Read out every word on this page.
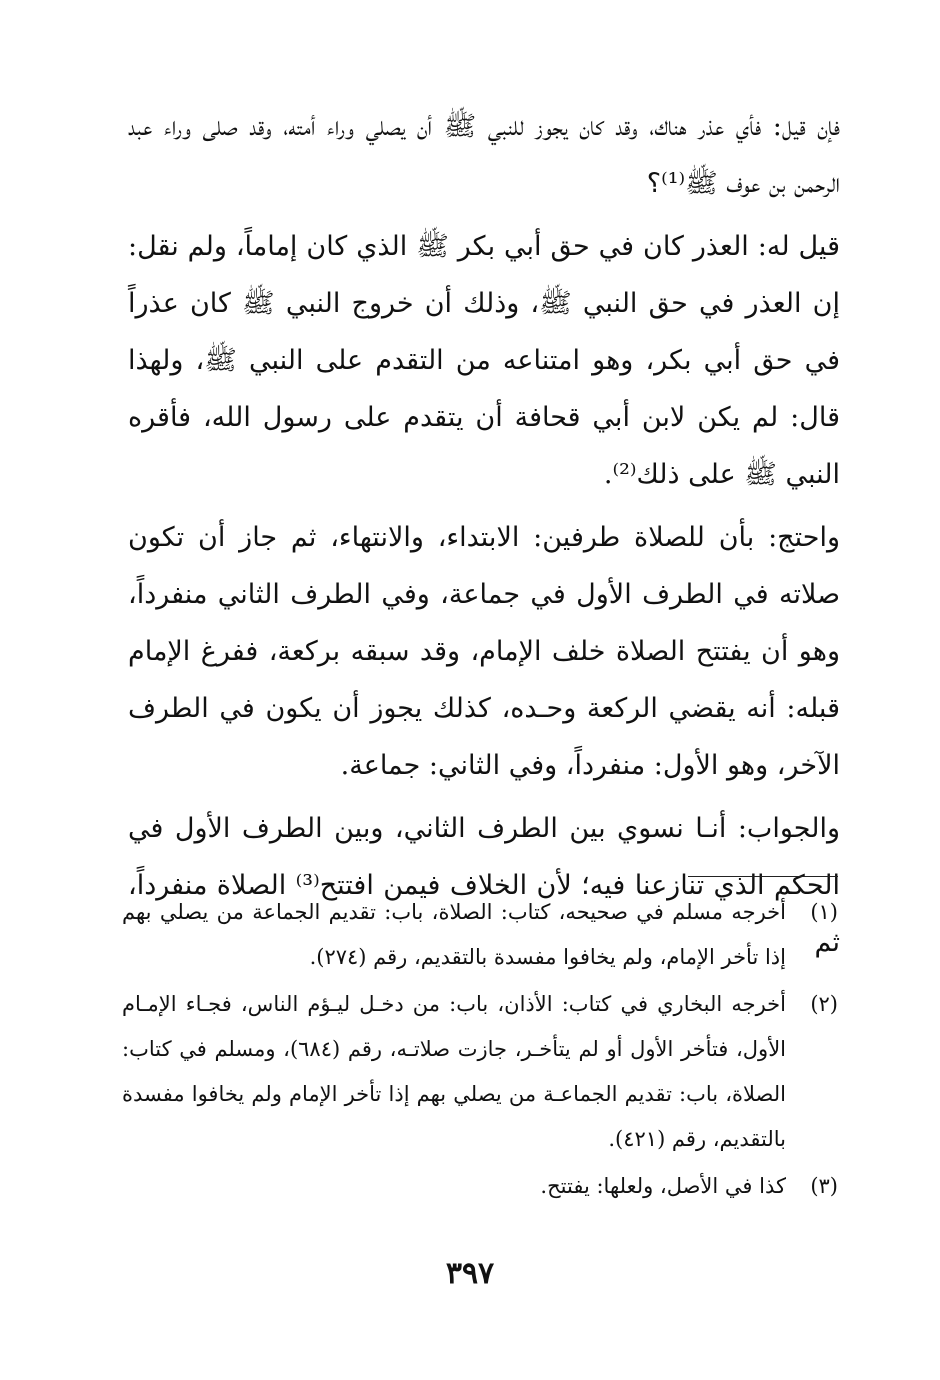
فإن قيل: فأي عذر هناك، وقد كان يجوز للنبي ﷺ أن يصلي وراء أمته، وقد صلى وراء عبد الرحمن بن عوف ﷺ⁽¹⁾؟

قيل له: العذر كان في حق أبي بكر ﷺ الذي كان إماماً، ولم نقل: إن العذر في حق النبي ﷺ، وذلك أن خروج النبي ﷺ كان عذراً في حق أبي بكر، وهو امتناعه من التقدم على النبي ﷺ، ولهذا قال: لم يكن لابن أبي قحافة أن يتقدم على رسول الله، فأقره النبي ﷺ على ذلك⁽²⁾.

واحتج: بأن للصلاة طرفين: الابتداء، والانتهاء، ثم جاز أن تكون صلاته في الطرف الأول في جماعة، وفي الطرف الثاني منفرداً، وهو أن يفتتح الصلاة خلف الإمام، وقد سبقه بركعة، ففرغ الإمام قبله: أنه يقضي الركعة وحـده، كذلك يجوز أن يكون في الطرف الآخر، وهو الأول: منفرداً، وفي الثاني: جماعة.

والجواب: أنـا نسوي بين الطرف الثاني، وبين الطرف الأول في الحكم الذي تنازعنا فيه؛ لأن الخلاف فيمن افتتح⁽³⁾ الصلاة منفرداً، ثم

(١)
أخرجه مسلم في صحيحه، كتاب: الصلاة، باب: تقديم الجماعة من يصلي بهم إذا تأخر الإمام، ولم يخافوا مفسدة بالتقديم، رقم (٢٧٤).
(٢)
أخرجه البخاري في كتاب: الأذان، باب: من دخـل ليـؤم الناس، فجـاء الإمـام الأول، فتأخر الأول أو لم يتأخـر، جازت صلاتـه، رقم (٦٨٤)، ومسلم في كتاب: الصلاة، باب: تقديم الجماعـة من يصلي بهم إذا تأخر الإمام ولم يخافوا مفسدة بالتقديم، رقم (٤٢١).
(٣)
كذا في الأصل، ولعلها: يفتتح.
٣٩٧
